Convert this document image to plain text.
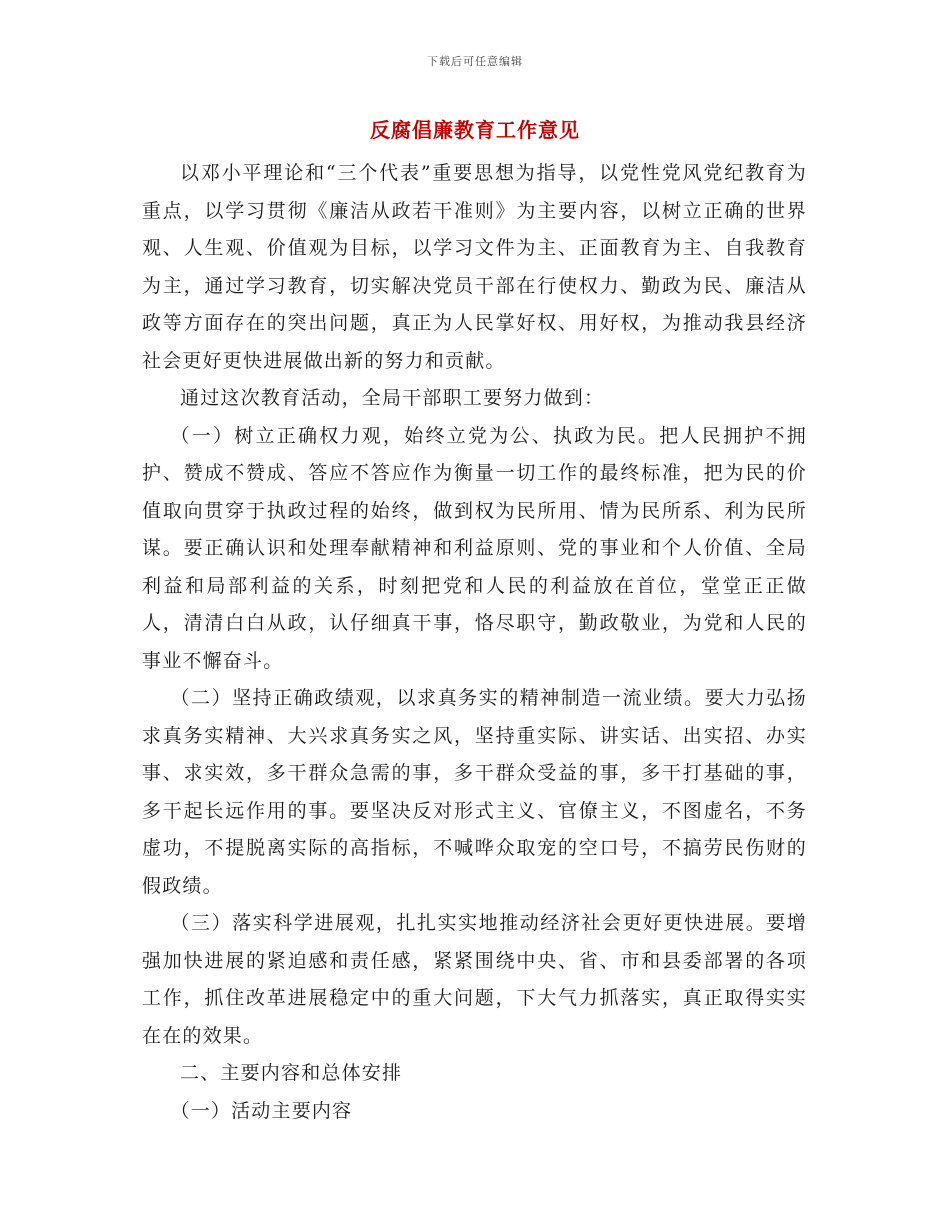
下载后可任意编辑
反腐倡廉教育工作意见

以邓小平理论和“三个代表”重要思想为指导，以党性党风党纪教育为重点，以学习贯彻《廉洁从政若干准则》为主要内容，以树立正确的世界观、人生观、价值观为目标，以学习文件为主、正面教育为主、自我教育为主，通过学习教育，切实解决党员干部在行使权力、勤政为民、廉洁从政等方面存在的突出问题，真正为人民掌好权、用好权，为推动我县经济社会更好更快进展做出新的努力和贡献。

通过这次教育活动，全局干部职工要努力做到：

（一）树立正确权力观，始终立党为公、执政为民。把人民拥护不拥护、赞成不赞成、答应不答应作为衡量一切工作的最终标准，把为民的价值取向贯穿于执政过程的始终，做到权为民所用、情为民所系、利为民所谋。要正确认识和处理奉献精神和利益原则、党的事业和个人价值、全局利益和局部利益的关系，时刻把党和人民的利益放在首位，堂堂正正做人，清清白白从政，认仔细真干事，恪尽职守，勤政敬业，为党和人民的事业不懈奋斗。

（二）坚持正确政绩观，以求真务实的精神制造一流业绩。要大力弘扬求真务实精神、大兴求真务实之风，坚持重实际、讲实话、出实招、办实事、求实效，多干群众急需的事，多干群众受益的事，多干打基础的事，多干起长远作用的事。要坚决反对形式主义、官僚主义，不图虚名，不务虚功，不提脱离实际的高指标，不喊哗众取宠的空口号，不搞劳民伤财的假政绩。

（三）落实科学进展观，扎扎实实地推动经济社会更好更快进展。要增强加快进展的紧迫感和责任感，紧紧围绕中央、省、市和县委部署的各项工作，抓住改革进展稳定中的重大问题，下大气力抓落实，真正取得实实在在的效果。

二、主要内容和总体安排

（一）活动主要内容
